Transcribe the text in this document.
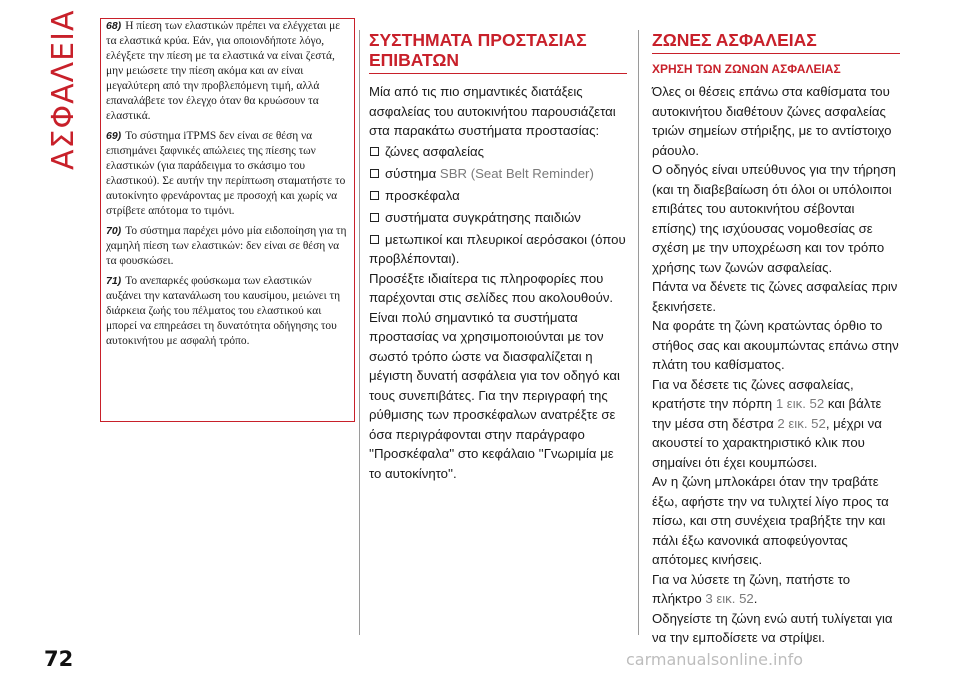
ΑΣΦΑΛΕΙΑ	68) Η πίεση των ελαστικών πρέπει να ελέγχεται με τα ελαστικά κρύα. Εάν, για οποιονδήποτε λόγο, ελέγξετε την πίεση με τα ελαστικά να είναι ζεστά, μην μειώσετε την πίεση ακόμα και αν είναι μεγαλύτερη από την προβλεπόμενη τιμή, αλλά επαναλάβετε τον έλεγχο όταν θα κρυώσουν τα ελαστικά.

69) Το σύστημα iTPMS δεν είναι σε θέση να επισημάνει ξαφνικές απώλειες της πίεσης των ελαστικών (για παράδειγμα το σκάσιμο του ελαστικού). Σε αυτήν την περίπτωση σταματήστε το αυτοκίνητο φρενάροντας με προσοχή και χωρίς να στρίβετε απότομα το τιμόνι.

70) Το σύστημα παρέχει μόνο μία ειδοποίηση για τη χαμηλή πίεση των ελαστικών: δεν είναι σε θέση να τα φουσκώσει.

71) Το ανεπαρκές φούσκωμα των ελαστικών αυξάνει την κατανάλωση του καυσίμου, μειώνει τη διάρκεια ζωής του πέλματος του ελαστικού και μπορεί να επηρεάσει τη δυνατότητα οδήγησης του αυτοκινήτου με ασφαλή τρόπο.

ΣΥΣΤΗΜΑΤΑ ΠΡΟΣΤΑΣΙΑΣ ΕΠΙΒΑΤΩΝ

Μία από τις πιο σημαντικές διατάξεις ασφαλείας του αυτοκινήτου παρουσιάζεται στα παρακάτω συστήματα προστασίας:

ζώνες ασφαλείας
σύστημα SBR (Seat Belt Reminder)
προσκέφαλα
συστήματα συγκράτησης παιδιών
μετωπικοί και πλευρικοί αερόσακοι (όπου προβλέπονται).

Προσέξτε ιδιαίτερα τις πληροφορίες που παρέχονται στις σελίδες που ακολουθούν. Είναι πολύ σημαντικό τα συστήματα προστασίας να χρησιμοποιούνται με τον σωστό τρόπο ώστε να διασφαλίζεται η μέγιστη δυνατή ασφάλεια για τον οδηγό και τους συνεπιβάτες. Για την περιγραφή της ρύθμισης των προσκέφαλων ανατρέξτε σε όσα περιγράφονται στην παράγραφο ''Προσκέφαλα'' στο κεφάλαιο ''Γνωριμία με το αυτοκίνητο''.

ΖΩΝΕΣ ΑΣΦΑΛΕΙΑΣ
ΧΡΗΣΗ ΤΩΝ ΖΩΝΩΝ ΑΣΦΑΛΕΙΑΣ

Όλες οι θέσεις επάνω στα καθίσματα του αυτοκινήτου διαθέτουν ζώνες ασφαλείας τριών σημείων στήριξης, με το αντίστοιχο ράουλο.

Ο οδηγός είναι υπεύθυνος για την τήρηση (και τη διαβεβαίωση ότι όλοι οι υπόλοιποι επιβάτες του αυτοκινήτου σέβονται επίσης) της ισχύουσας νομοθεσίας σε σχέση με την υποχρέωση και τον τρόπο χρήσης των ζωνών ασφαλείας.

Πάντα να δένετε τις ζώνες ασφαλείας πριν ξεκινήσετε.

Να φοράτε τη ζώνη κρατώντας όρθιο το στήθος σας και ακουμπώντας επάνω στην πλάτη του καθίσματος.

Για να δέσετε τις ζώνες ασφαλείας, κρατήστε την πόρπη 1 εικ. 52 και βάλτε την μέσα στη δέστρα 2 εικ. 52, μέχρι να ακουστεί το χαρακτηριστικό κλικ που σημαίνει ότι έχει κουμπώσει.

Αν η ζώνη μπλοκάρει όταν την τραβάτε έξω, αφήστε την να τυλιχτεί λίγο προς τα πίσω, και στη συνέχεια τραβήξτε την και πάλι έξω κανονικά αποφεύγοντας απότομες κινήσεις.

Για να λύσετε τη ζώνη, πατήστε το πλήκτρο 3 εικ. 52.

Οδηγείστε τη ζώνη ενώ αυτή τυλίγεται για να την εμποδίσετε να στρίψει.

72	carmanualsonline.info
